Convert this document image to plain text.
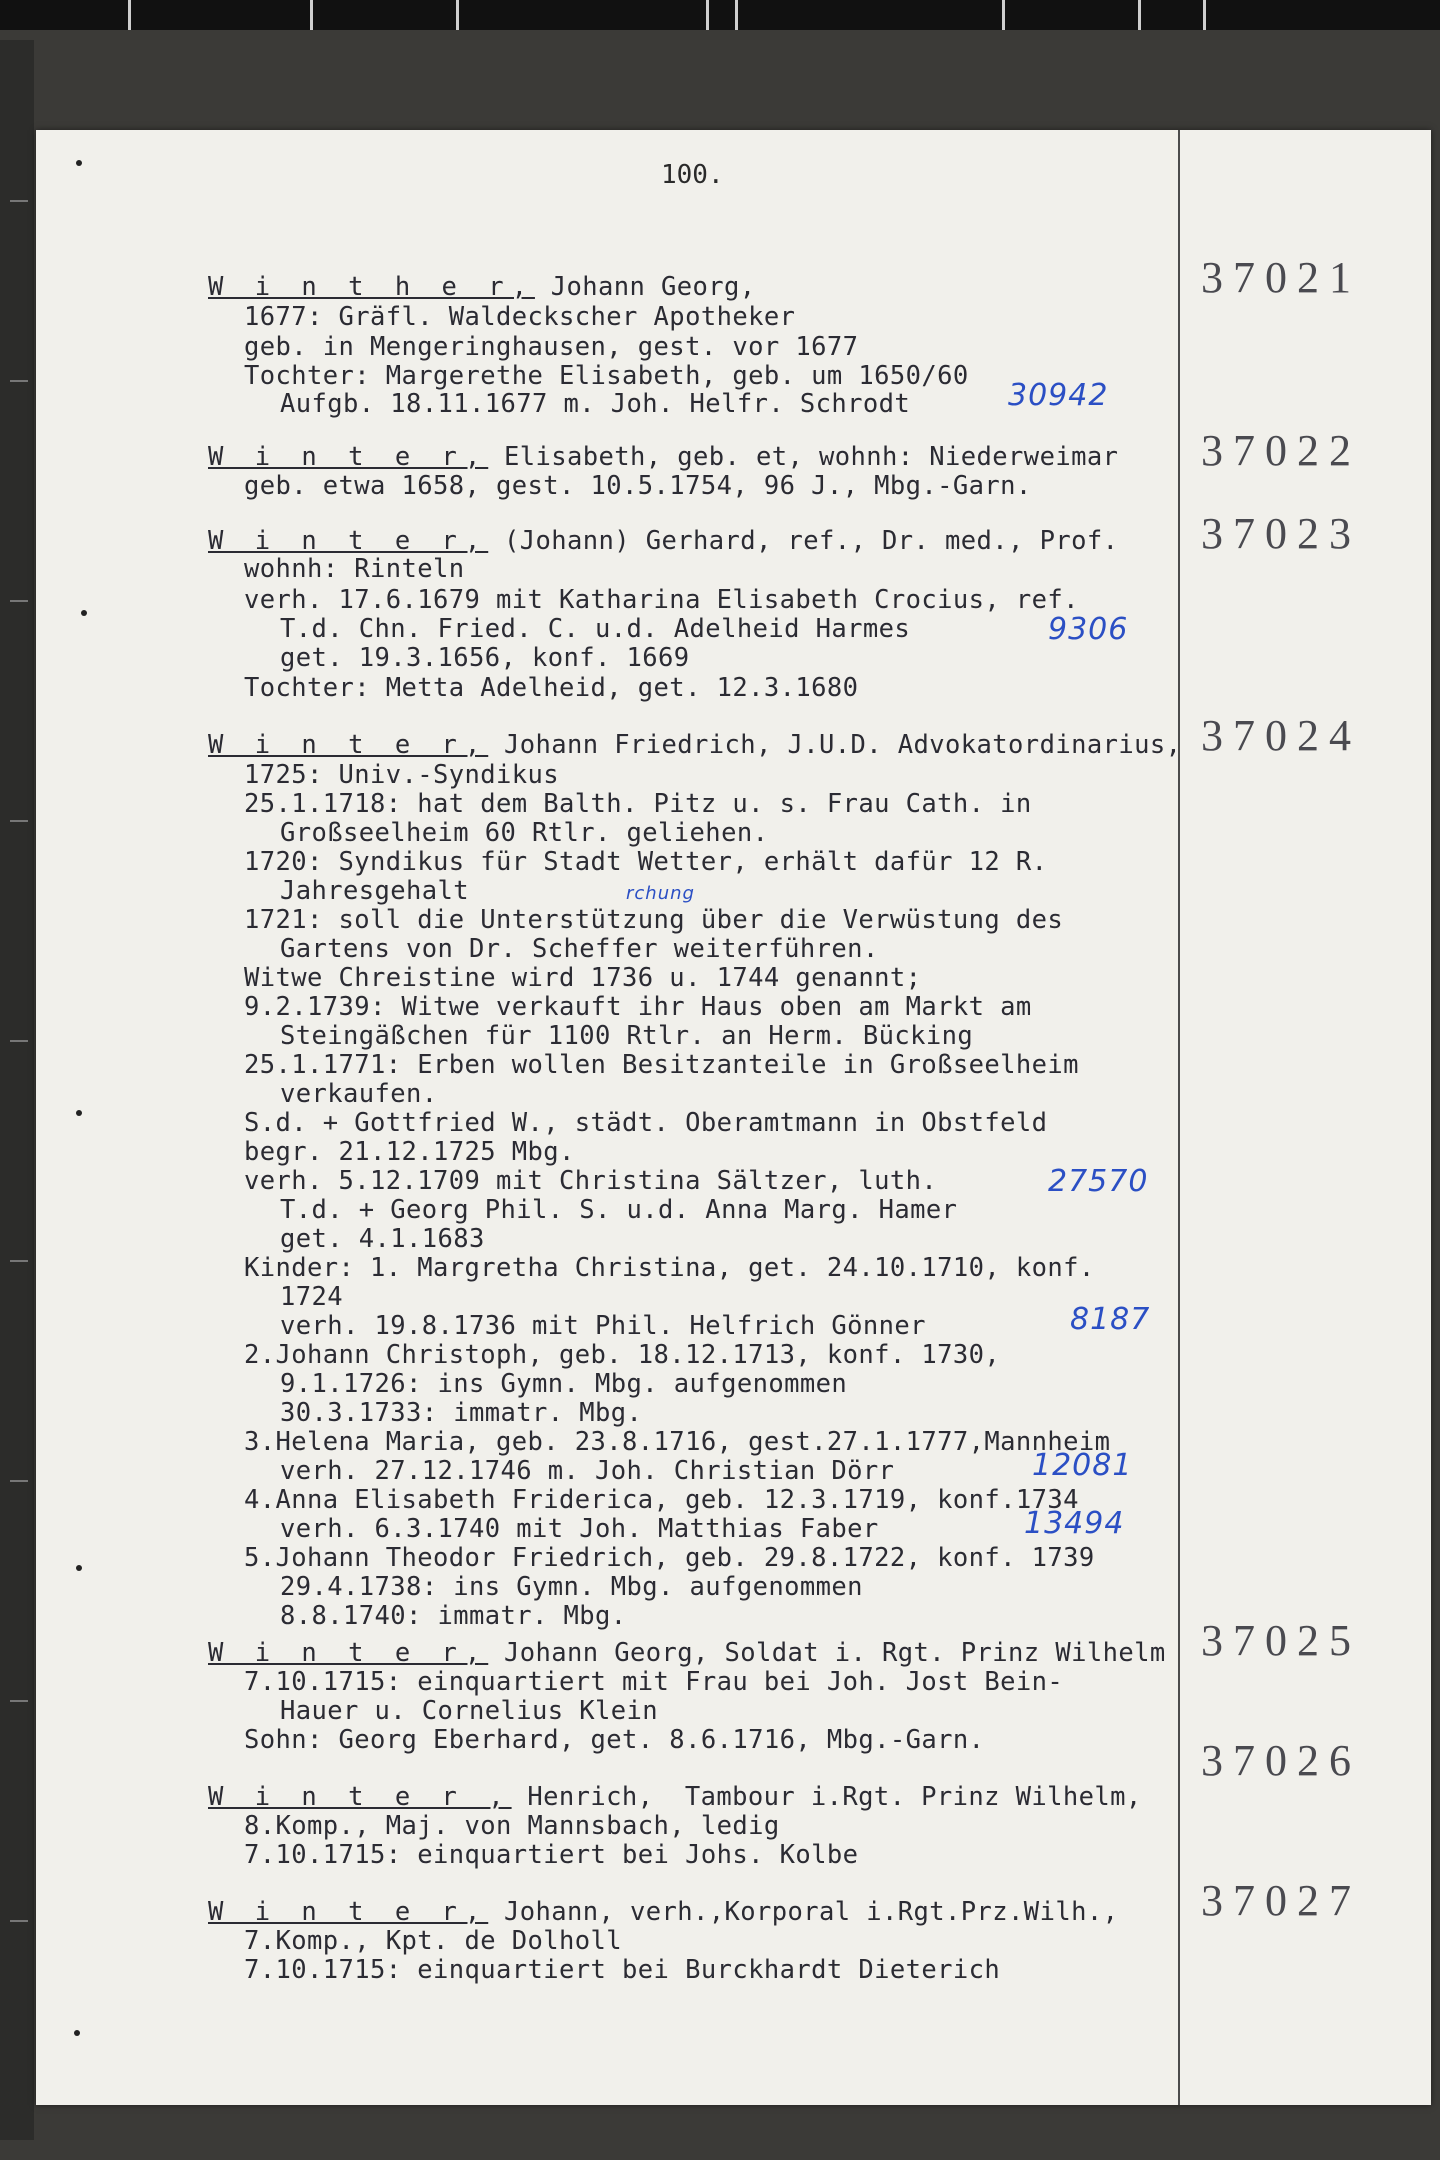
100.
W i n t h e r, Johann Georg,
1677: Gräfl. Waldeckscher Apotheker
geb. in Mengeringhausen, gest. vor 1677
Tochter: Margerethe Elisabeth, geb. um 1650/60
Aufgb. 18.11.1677 m. Joh. Helfr. Schrodt	30942
37021
W i n t e r, Elisabeth, geb. et, wohnh: Niederweimar
geb. etwa 1658, gest. 10.5.1754, 96 J., Mbg.-Garn.
37022
W i n t e r, (Johann) Gerhard, ref., Dr. med., Prof.
wohnh: Rinteln
verh. 17.6.1679 mit Katharina Elisabeth Crocius, ref.
T.d. Chn. Fried. C. u.d. Adelheid Harmes
get. 19.3.1656, konf. 1669
Tochter: Metta Adelheid, get. 12.3.1680
9306
37023
W i n t e r, Johann Friedrich, J.U.D. Advokatordinarius,
1725: Univ.-Syndikus
25.1.1718: hat dem Balth. Pitz u. s. Frau Cath. in
Großseelheim 60 Rtlr. geliehen.
1720: Syndikus für Stadt Wetter, erhält dafür 12 R.
Jahresgehalt	rchung
1721: soll die Unterstützung über die Verwüstung des
Gartens von Dr. Scheffer weiterführen.
Witwe Chreistine wird 1736 u. 1744 genannt;
9.2.1739: Witwe verkauft ihr Haus oben am Markt am
Steingäßchen für 1100 Rtlr. an Herm. Bücking
25.1.1771: Erben wollen Besitzanteile in Großseelheim
verkaufen.
S.d. + Gottfried W., städt. Oberamtmann in Obstfeld
begr. 21.12.1725 Mbg.
verh. 5.12.1709 mit Christina Sältzer, luth.	27570
T.d. + Georg Phil. S. u.d. Anna Marg. Hamer
get. 4.1.1683
Kinder: 1. Margretha Christina, get. 24.10.1710, konf.
1724
verh. 19.8.1736 mit Phil. Helfrich Gönner	8187
2.Johann Christoph, geb. 18.12.1713, konf. 1730,
9.1.1726: ins Gymn. Mbg. aufgenommen
30.3.1733: immatr. Mbg.
3.Helena Maria, geb. 23.8.1716, gest.27.1.1777,Mannheim
verh. 27.12.1746 m. Joh. Christian Dörr	12081
4.Anna Elisabeth Friderica, geb. 12.3.1719, konf.1734
verh. 6.3.1740 mit Joh. Matthias Faber	13494
5.Johann Theodor Friedrich, geb. 29.8.1722, konf. 1739
29.4.1738: ins Gymn. Mbg. aufgenommen
8.8.1740: immatr. Mbg.
37024
W i n t e r, Johann Georg, Soldat i. Rgt. Prinz Wilhelm
7.10.1715: einquartiert mit Frau bei Joh. Jost Bein-
Hauer u. Cornelius Klein
Sohn: Georg Eberhard, get. 8.6.1716, Mbg.-Garn.
37025
W i n t e r , Henrich,  Tambour i.Rgt. Prinz Wilhelm,
8.Komp., Maj. von Mannsbach, ledig
7.10.1715: einquartiert bei Johs. Kolbe
37026
W i n t e r, Johann, verh.,Korporal i.Rgt.Prz.Wilh.,
7.Komp., Kpt. de Dolholl
7.10.1715: einquartiert bei Burckhardt Dieterich
37027
